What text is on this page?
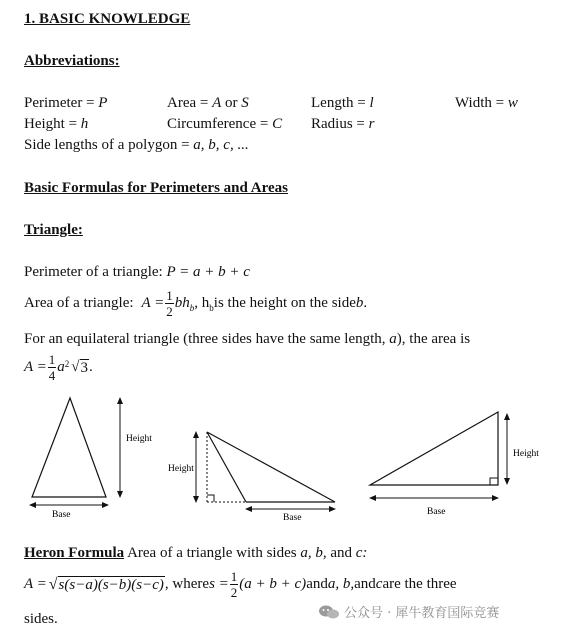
1. BASIC KNOWLEDGE
Abbreviations:
Perimeter = P	Area = A or S	Length = l	Width = w
Height = h	Circumference = C Radius = r
Side lengths of a polygon = a, b, c, ...
Basic Formulas for Perimeters and Areas
Triangle:
Perimeter of a triangle: P = a + b + c
Area of a triangle: $A = \frac{1}{2} bh_b$ , $h_b$ is the height on the side b .
For an equilateral triangle (three sides have the same length, a), the area is
$A = \frac{1}{4} a^2$ √ 3 .
Height
Base
Height
Base
Height
Base
Heron Formula Area of a triangle with sides a, b, and c:
A = √ s(s−a)(s−b)(s−c) , where $s = \frac{1}{2} (a + b + c)$ and a, b, and c are the three
sides.	公众号 · 犀牛教育国际竞赛
